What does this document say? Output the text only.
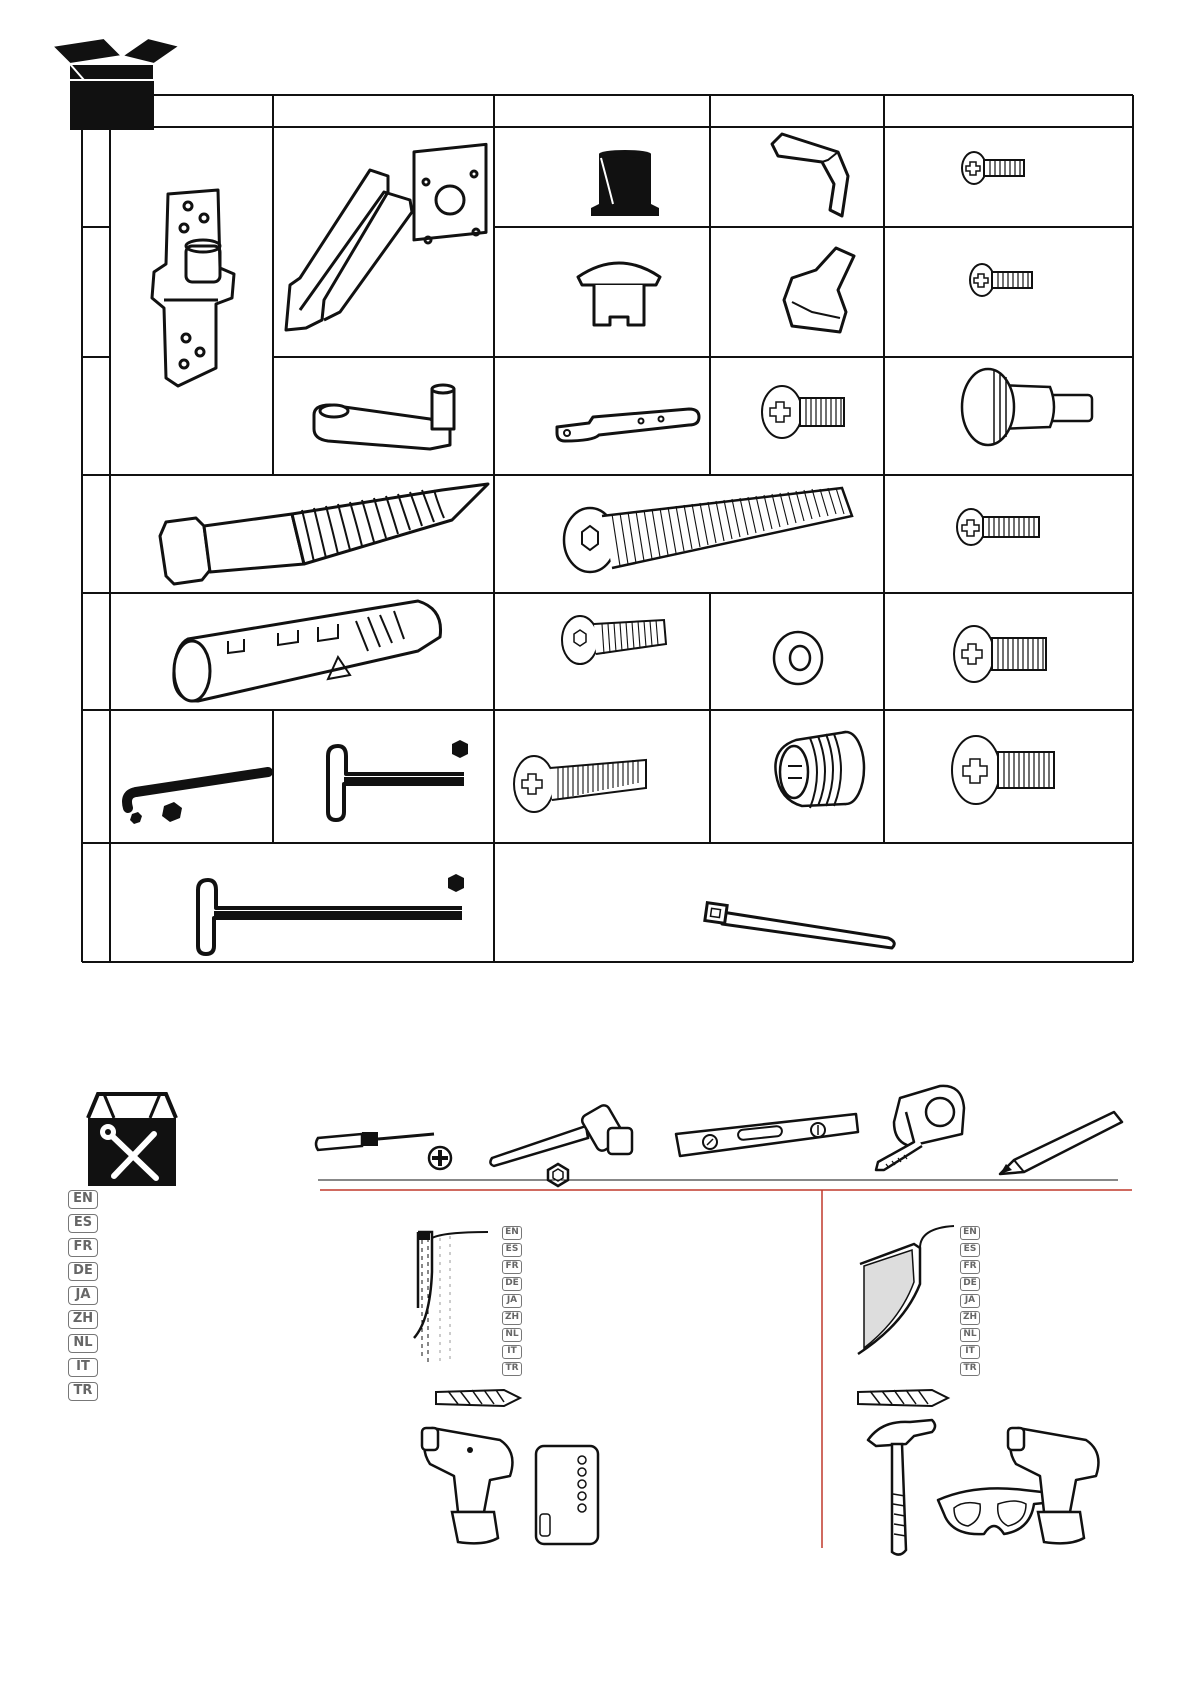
EN
ES
FR
DE
JA
ZH
NL
IT
TR
EN
ES
FR
DE
JA
ZH
NL
IT
TR
EN
ES
FR
DE
JA
ZH
NL
IT
TR
